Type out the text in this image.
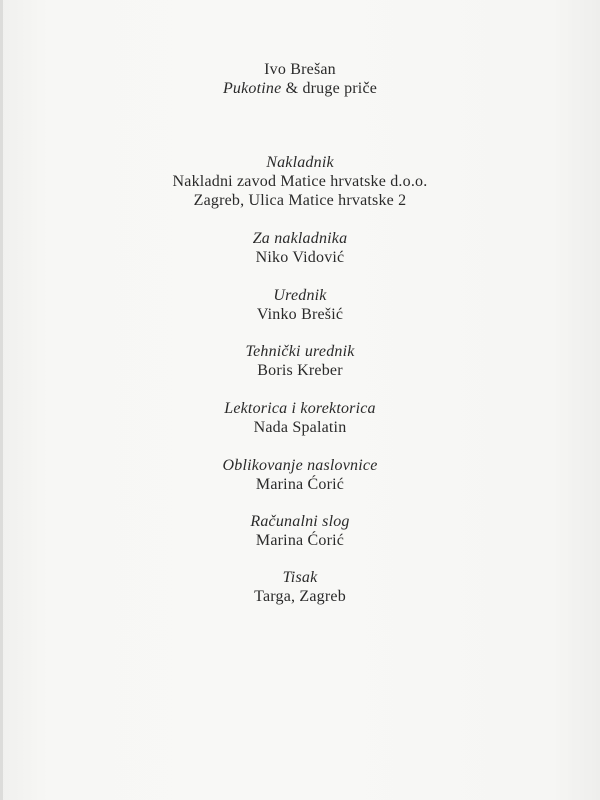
Ivo Brešan
Pukotine & druge priče
Nakladnik
Nakladni zavod Matice hrvatske d.o.o.
Zagreb, Ulica Matice hrvatske 2
Za nakladnika
Niko Vidović
Urednik
Vinko Brešić
Tehnički urednik
Boris Kreber
Lektorica i korektorica
Nada Spalatin
Oblikovanje naslovnice
Marina Ćorić
Računalni slog
Marina Ćorić
Tisak
Targa, Zagreb
